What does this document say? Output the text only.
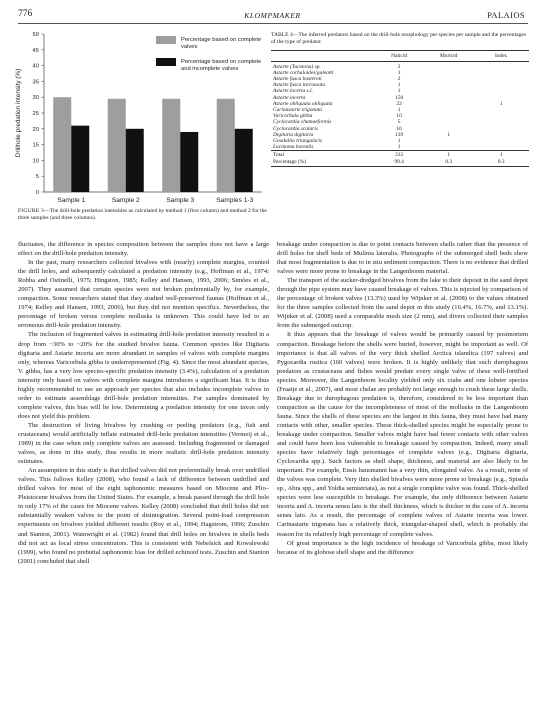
776	KLOMPMAKER	PALAIOS
0
5
10
15
20
25
30
35
40
45
50
Drillhole predation intensity (%)
Sample 1	Sample 2	Sample 3	Samples 1-3
Percentage based on complete valves
Percentage based on complete and incomplete valves
FIGURE 3—The drill-hole predation intensities as calculated by method 1 (first column) and method 2 for the three samples (and three columns).
TABLE 4—The inferred predators based on the drill-hole morphology per species per sample and the percentages of the type of predator.
	Naticid	Muricid	Indet.
Astarte (Tucetona) sp.	2		
Astarte corbuloides/galeotti	1		
Astarte fusca basteroti	2		
Astarte fusca incrassata	1		
Astarte incerta s.l.	1		
Astarte incerta	150		
Astarte obliquata obliquata	22		1
Carinastarte trigonata	1		
Varicorbula gibba	10		
Cyclocardia chamaeformis	5		
Cyclocardia scalaris	16		
Digitaria digitaria	139	1	
Goodallia triangularis	1		
Lucinoma borealis	1		
Total	332	1	1
Percentage (%)	99.4	0.3	0.3

fluctuates, the difference in species composition between the samples does not have a large effect on the drill-hole predation intensity.

In the past, many researchers collected bivalves with (nearly) complete margins, counted the drill holes, and subsequently calculated a predation intensity (e.g., Hoffman et al., 1974; Robba and Ostinelli, 1975; Hingston, 1985; Kelley and Hansen, 1993, 2006; Simões et al., 2007). They assumed that certain species were not broken preferentially by, for example, compaction. Some researchers stated that they studied well-preserved faunas (Hoffman et al., 1974; Kelley and Hansen, 1993, 2006), but they did not mention specifics. Nevertheless, the percentage of broken versus complete mollusks is unknown. This could have led to an erroneous drill-hole predation intensity.

The inclusion of fragmented valves in estimating drill-hole predation intensity resulted in a drop from ~30% to ~20% for the studied bivalve fauna. Common species like Digitaria digitaria and Astarte incerta are more abundant in samples of valves with complete margins only, whereas Varicorbula gibba is underrepresented (Fig. 4). Since the most abundant species, V. gibba, has a very low species-specific predation intensity (3.4%), calculation of a predation intensity only based on valves with complete margins introduces a significant bias. It is thus highly recommended to use an approach per species that also includes incomplete valves in order to estimate assemblage drill-hole predation intensities. For samples dominated by complete valves, this bias will be low. Determining a predation intensity for one taxon only does not yield this problem.

The destruction of living bivalves by crushing or peeling predators (e.g., fish and crustaceans) would artificially inflate estimated drill-hole predation intensities (Vermeij et al., 1989) in the case when only complete valves are assessed. Including fragmented or damaged valves, as done in this study, thus results in more realistic drill-hole predation intensity estimates.

An assumption in this study is that drilled valves did not preferentially break over undrilled valves. This follows Kelley (2008), who found a lack of difference between undrilled and drilled valves for most of the eight taphonomic measures based on Miocene and Plio–Pleistocene bivalves from the United States. For example, a break passed through the drill hole in only 17% of the cases for Miocene valves. Kelley (2008) concluded that drill holes did not substantially weaken valves to the point of disintegration. Several point-load compression experiments on bivalves yielded different results (Roy et al., 1994; Hagstrom, 1996; Zuschin and Stanton, 2001). Wainwright et al. (1982) found that drill holes on bivalves in shells beds did not act as local stress concentrators. This is consistent with Nebelsick and Kowalewski (1999), who found no prebuttal taphonomic bias for drilled echinoid tests. Zuschin and Stanton (2001) concluded that shell

breakage under compaction is due to point contacts between shells rather than the presence of drill holes for shell beds of Mulinia lateralis. Photographs of the submerged shell beds show that most fragmentation is due to in situ sediment compaction. There is no evidence that drilled valves were more prone to breakage in the Langenboom material.

The transport of the sucker-dredged bivalves from the lake to their deposit in the sand depot through the pipe system may have caused breakage of valves. This is rejected by comparison of the percentage of broken valves (13.3%) used by Wijnker et al. (2008) to the values obtained for the three samples collected from the sand depot in this study (16.4%, 16.7%, and 13.1%). Wijnker et al. (2008) used a comparable mesh size (2 mm), and divers collected their samples from the submerged outcrop.

It thus appears that the breakage of valves would be primarily caused by postmortem compaction. Breakage before the shells were buried, however, might be important as well. Of importance is that all valves of the very thick shelled Arctica islandica (197 valves) and Pygocardia rustica (160 valves) were broken. It is highly unlikely that such durophagous predators as crustaceans and fishes would predate every single valve of these well-fortified species. Moreover, the Langenboom locality yielded only six crabs and one lobster species (Fraaije et al., 2007), and most chelae are probably not large enough to crush these large shells. Breakage due to durophagous predation is, therefore, considered to be less important than compaction as the cause for the incompleteness of most of the mollusks in the Langenboom fauna. Since the shells of these species are the largest in this fauna, they must have had many contacts with other, smaller species. These thick-shelled species might be especially prone to breakage under compaction. Smaller valves might have had fewer contacts with other valves and could have been less vulnerable to breakage caused by compaction. Indeed, many small species have relatively high percentages of complete valves (e.g., Digitaria digitaria, Cyclocardia spp.). Such factors as shell shape, thickness, and material are also likely to be important. For example, Ensis hausmanni has a very thin, elongated valve. As a result, none of the valves was complete. Very thin shelled bivalves were more prone to breakage (e.g., Spisula sp., Abra spp., and Yoldia semistriata), as not a single complete valve was found. Thick-shelled species were less susceptible to breakage. For example, the only difference between Astarte incerta and A. incerta sensu lato is the shell thickness, which is thicker in the case of A. incerta sensu lato. As a result, the percentage of complete valves of Astarte incerta was lower. Carinastarte trigonata has a relatively thick, triangular-shaped shell, which is probably the reason for its relatively high percentage of complete valves.

Of great importance is the high incidence of breakage of Varicorbula gibba, most likely because of its globose shell shape and the difference
